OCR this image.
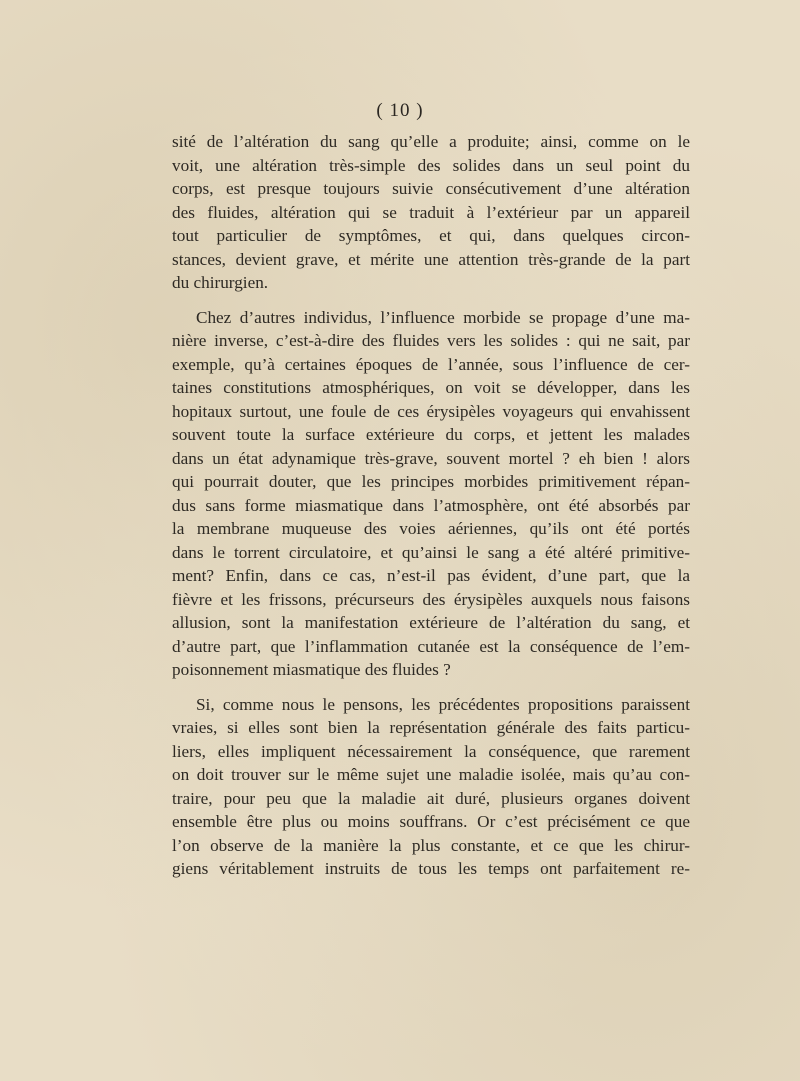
( 10 )
sité de l’altération du sang qu’elle a produite; ainsi, comme on le
voit, une altération très-simple des solides dans un seul point du
corps, est presque toujours suivie consécutivement d’une altération
des fluides, altération qui se traduit à l’extérieur par un appareil
tout particulier de symptômes, et qui, dans quelques circon-
stances, devient grave, et mérite une attention très-grande de la part
du chirurgien.
Chez d’autres individus, l’influence morbide se propage d’une ma-
nière inverse, c’est-à-dire des fluides vers les solides : qui ne sait, par
exemple, qu’à certaines époques de l’année, sous l’influence de cer-
taines constitutions atmosphériques, on voit se développer, dans les
hopitaux surtout, une foule de ces érysipèles voyageurs qui envahissent
souvent toute la surface extérieure du corps, et jettent les malades
dans un état adynamique très-grave, souvent mortel ? eh bien ! alors
qui pourrait douter, que les principes morbides primitivement répan-
dus sans forme miasmatique dans l’atmosphère, ont été absorbés par
la membrane muqueuse des voies aériennes, qu’ils ont été portés
dans le torrent circulatoire, et qu’ainsi le sang a été altéré primitive-
ment? Enfin, dans ce cas, n’est-il pas évident, d’une part, que la
fièvre et les frissons, précurseurs des érysipèles auxquels nous faisons
allusion, sont la manifestation extérieure de l’altération du sang, et
d’autre part, que l’inflammation cutanée est la conséquence de l’em-
poisonnement miasmatique des fluides ?
Si, comme nous le pensons, les précédentes propositions paraissent
vraies, si elles sont bien la représentation générale des faits particu-
liers, elles impliquent nécessairement la conséquence, que rarement
on doit trouver sur le même sujet une maladie isolée, mais qu’au con-
traire, pour peu que la maladie ait duré, plusieurs organes doivent
ensemble être plus ou moins souffrans. Or c’est précisément ce que
l’on observe de la manière la plus constante, et ce que les chirur-
giens véritablement instruits de tous les temps ont parfaitement re-
